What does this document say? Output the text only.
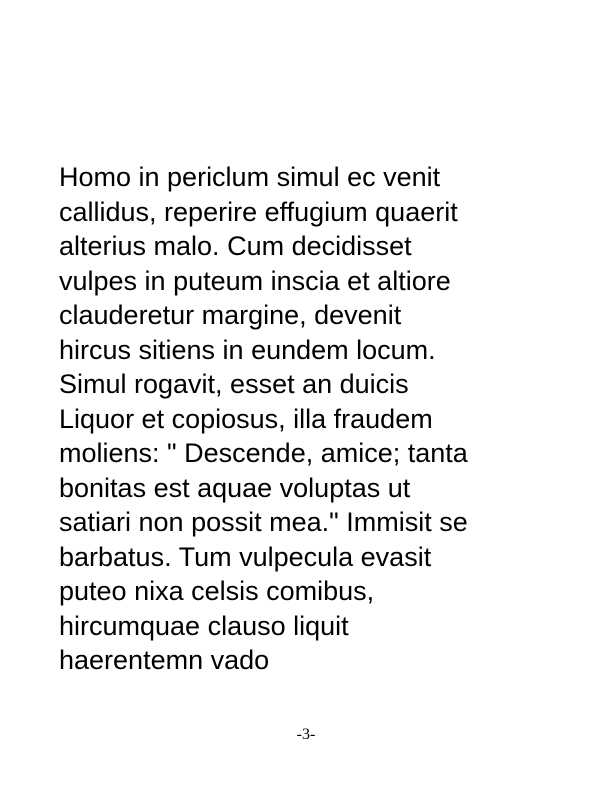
Homo in periclum simul ec venit
callidus, reperire effugium quaerit
alterius malo. Cum decidisset
vulpes in puteum inscia et altiore
clauderetur margine, devenit
hircus sitiens in eundem locum.
Simul rogavit, esset an duicis
Liquor et copiosus, illa fraudem
moliens: " Descende, amice; tanta
bonitas est aquae voluptas ut
satiari non possit mea." Immisit se
barbatus. Tum vulpecula evasit
puteo nixa celsis comibus,
hircumquae clauso liquit
haerentemn vado

-3-
